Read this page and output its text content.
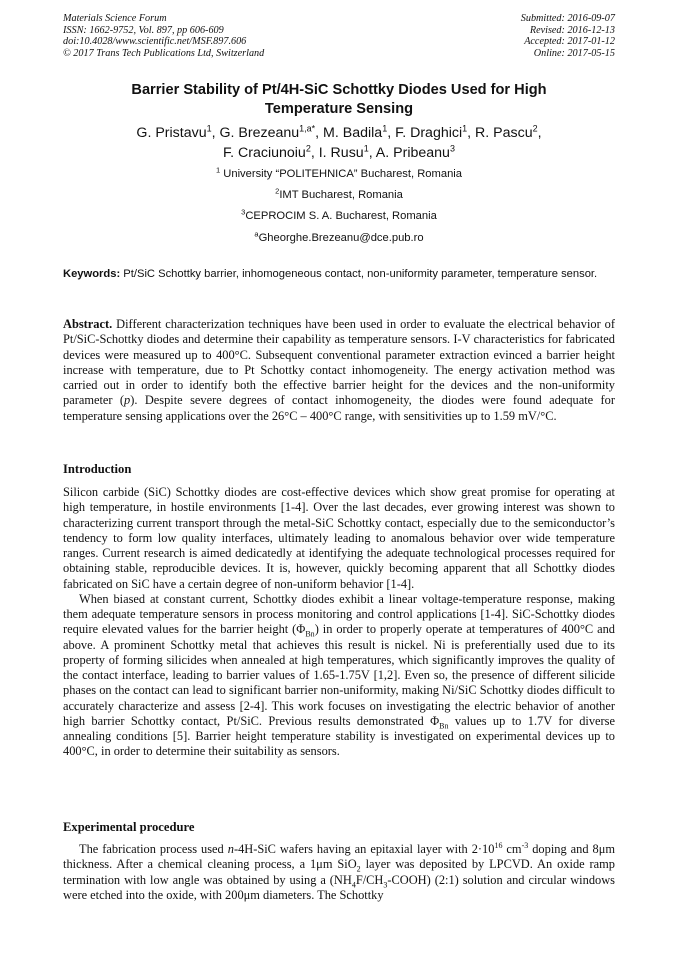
Materials Science Forum
ISSN: 1662-9752, Vol. 897, pp 606-609
doi:10.4028/www.scientific.net/MSF.897.606
© 2017 Trans Tech Publications Ltd, Switzerland
Submitted: 2016-09-07
Revised: 2016-12-13
Accepted: 2017-01-12
Online: 2017-05-15
Barrier Stability of Pt/4H-SiC Schottky Diodes Used for High
Temperature Sensing
G. Pristavu$^1$, G. Brezeanu$^{1,a*}$, M. Badila$^1$, F. Draghici$^1$, R. Pascu$^2$,
F. Craciunoiu$^2$, I. Rusu$^1$, A. Pribeanu$^3$
$^1$ University “POLITEHNICA” Bucharest, Romania
$^2$IMT Bucharest, Romania
$^3$CEPROCIM S. A. Bucharest, Romania
$^a$Gheorghe.Brezeanu@dce.pub.ro
Keywords: Pt/SiC Schottky barrier, inhomogeneous contact, non-uniformity parameter, temperature sensor.

Abstract. Different characterization techniques have been used in order to evaluate the electrical behavior of Pt/SiC-Schottky diodes and determine their capability as temperature sensors. I-V characteristics for fabricated devices were measured up to 400°C. Subsequent conventional parameter extraction evinced a barrier height increase with temperature, due to Pt Schottky contact inhomogeneity. The energy activation method was carried out in order to identify both the effective barrier height for the devices and the non-uniformity parameter (p). Despite severe degrees of contact inhomogeneity, the diodes were found adequate for temperature sensing applications over the 26°C – 400°C range, with sensitivities up to 1.59 mV/°C.

Introduction

Silicon carbide (SiC) Schottky diodes are cost-effective devices which show great promise for operating at high temperature, in hostile environments [1-4]. Over the last decades, ever growing interest was shown to characterizing current transport through the metal-SiC Schottky contact, especially due to the semiconductor’s tendency to form low quality interfaces, ultimately leading to anomalous behavior over wide temperature ranges. Current research is aimed dedicatedly at identifying the adequate technological processes required for obtaining stable, reproducible devices. It is, however, quickly becoming apparent that all Schottky diodes fabricated on SiC have a certain degree of non-uniform behavior [1-4].

When biased at constant current, Schottky diodes exhibit a linear voltage-temperature response, making them adequate temperature sensors in process monitoring and control applications [1-4]. SiC-Schottky diodes require elevated values for the barrier height $(\Phi_{Bn})$ in order to properly operate at temperatures of 400°C and above. A prominent Schottky metal that achieves this result is nickel. Ni is preferentially used due to its property of forming silicides when annealed at high temperatures, which significantly improves the quality of the contact interface, leading to barrier values of 1.65-1.75V [1,2]. Even so, the presence of different silicide phases on the contact can lead to significant barrier non-uniformity, making Ni/SiC Schottky diodes difficult to accurately characterize and assess [2-4]. This work focuses on investigating the electric behavior of another high barrier Schottky contact, Pt/SiC. Previous results demonstrated $\Phi_{Bn}$ values up to 1.7V for diverse annealing conditions [5]. Barrier height temperature stability is investigated on experimental devices up to 400°C, in order to determine their suitability as sensors.

Experimental procedure

The fabrication process used n-4H-SiC wafers having an epitaxial layer with $2\cdot 10^{16}$ $cm^{-3}$ doping and 8μm thickness. After a chemical cleaning process, a 1μm SiO$_2$ layer was deposited by LPCVD. An oxide ramp termination with low angle was obtained by using a $(NH_4F/CH_3-COOH)$ (2:1) solution and circular windows were etched into the oxide, with 200μm diameters. The Schottky
